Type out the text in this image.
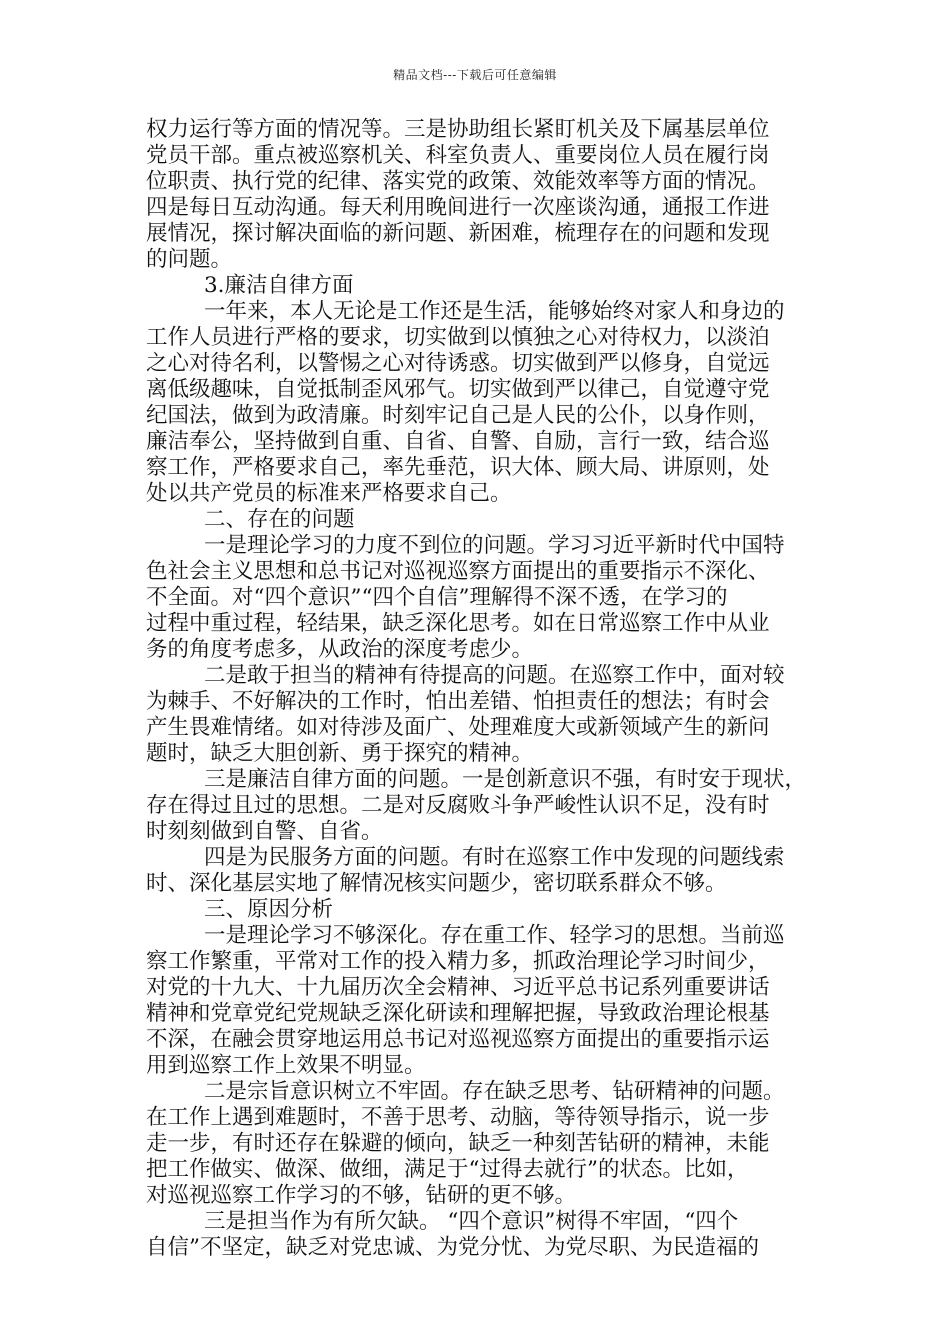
精品文档---下载后可任意编辑
权力运行等方面的情况等。三是协助组长紧盯机关及下属基层单位
党员干部。重点被巡察机关、科室负责人、重要岗位人员在履行岗
位职责、执行党的纪律、落实党的政策、效能效率等方面的情况。
四是每日互动沟通。每天利用晚间进行一次座谈沟通，通报工作进
展情况，探讨解决面临的新问题、新困难，梳理存在的问题和发现
的问题。
3.廉洁自律方面
一年来，本人无论是工作还是生活，能够始终对家人和身边的
工作人员进行严格的要求，切实做到以慎独之心对待权力，以淡泊
之心对待名利，以警惕之心对待诱惑。切实做到严以修身，自觉远
离低级趣味，自觉抵制歪风邪气。切实做到严以律己，自觉遵守党
纪国法，做到为政清廉。时刻牢记自己是人民的公仆，以身作则，
廉洁奉公，坚持做到自重、自省、自警、自励，言行一致，结合巡
察工作，严格要求自己，率先垂范，识大体、顾大局、讲原则，处
处以共产党员的标准来严格要求自己。
二、存在的问题
一是理论学习的力度不到位的问题。学习习近平新时代中国特
色社会主义思想和总书记对巡视巡察方面提出的重要指示不深化、
不全面。对“四个意识”“四个自信”理解得不深不透，在学习的
过程中重过程，轻结果，缺乏深化思考。如在日常巡察工作中从业
务的角度考虑多，从政治的深度考虑少。
二是敢于担当的精神有待提高的问题。在巡察工作中，面对较
为棘手、不好解决的工作时，怕出差错、怕担责任的想法；有时会
产生畏难情绪。如对待涉及面广、处理难度大或新领域产生的新问
题时，缺乏大胆创新、勇于探究的精神。
三是廉洁自律方面的问题。一是创新意识不强，有时安于现状，
存在得过且过的思想。二是对反腐败斗争严峻性认识不足，没有时
时刻刻做到自警、自省。
四是为民服务方面的问题。有时在巡察工作中发现的问题线索
时、深化基层实地了解情况核实问题少，密切联系群众不够。
三、原因分析
一是理论学习不够深化。存在重工作、轻学习的思想。当前巡
察工作繁重，平常对工作的投入精力多，抓政治理论学习时间少，
对党的十九大、十九届历次全会精神、习近平总书记系列重要讲话
精神和党章党纪党规缺乏深化研读和理解把握，导致政治理论根基
不深，在融会贯穿地运用总书记对巡视巡察方面提出的重要指示运
用到巡察工作上效果不明显。
二是宗旨意识树立不牢固。存在缺乏思考、钻研精神的问题。
在工作上遇到难题时，不善于思考、动脑，等待领导指示，说一步
走一步，有时还存在躲避的倾向，缺乏一种刻苦钻研的精神，未能
把工作做实、做深、做细，满足于“过得去就行”的状态。比如，
对巡视巡察工作学习的不够，钻研的更不够。
三是担当作为有所欠缺。 “四个意识”树得不牢固，“四个
自信”不坚定，缺乏对党忠诚、为党分忧、为党尽职、为民造福的
